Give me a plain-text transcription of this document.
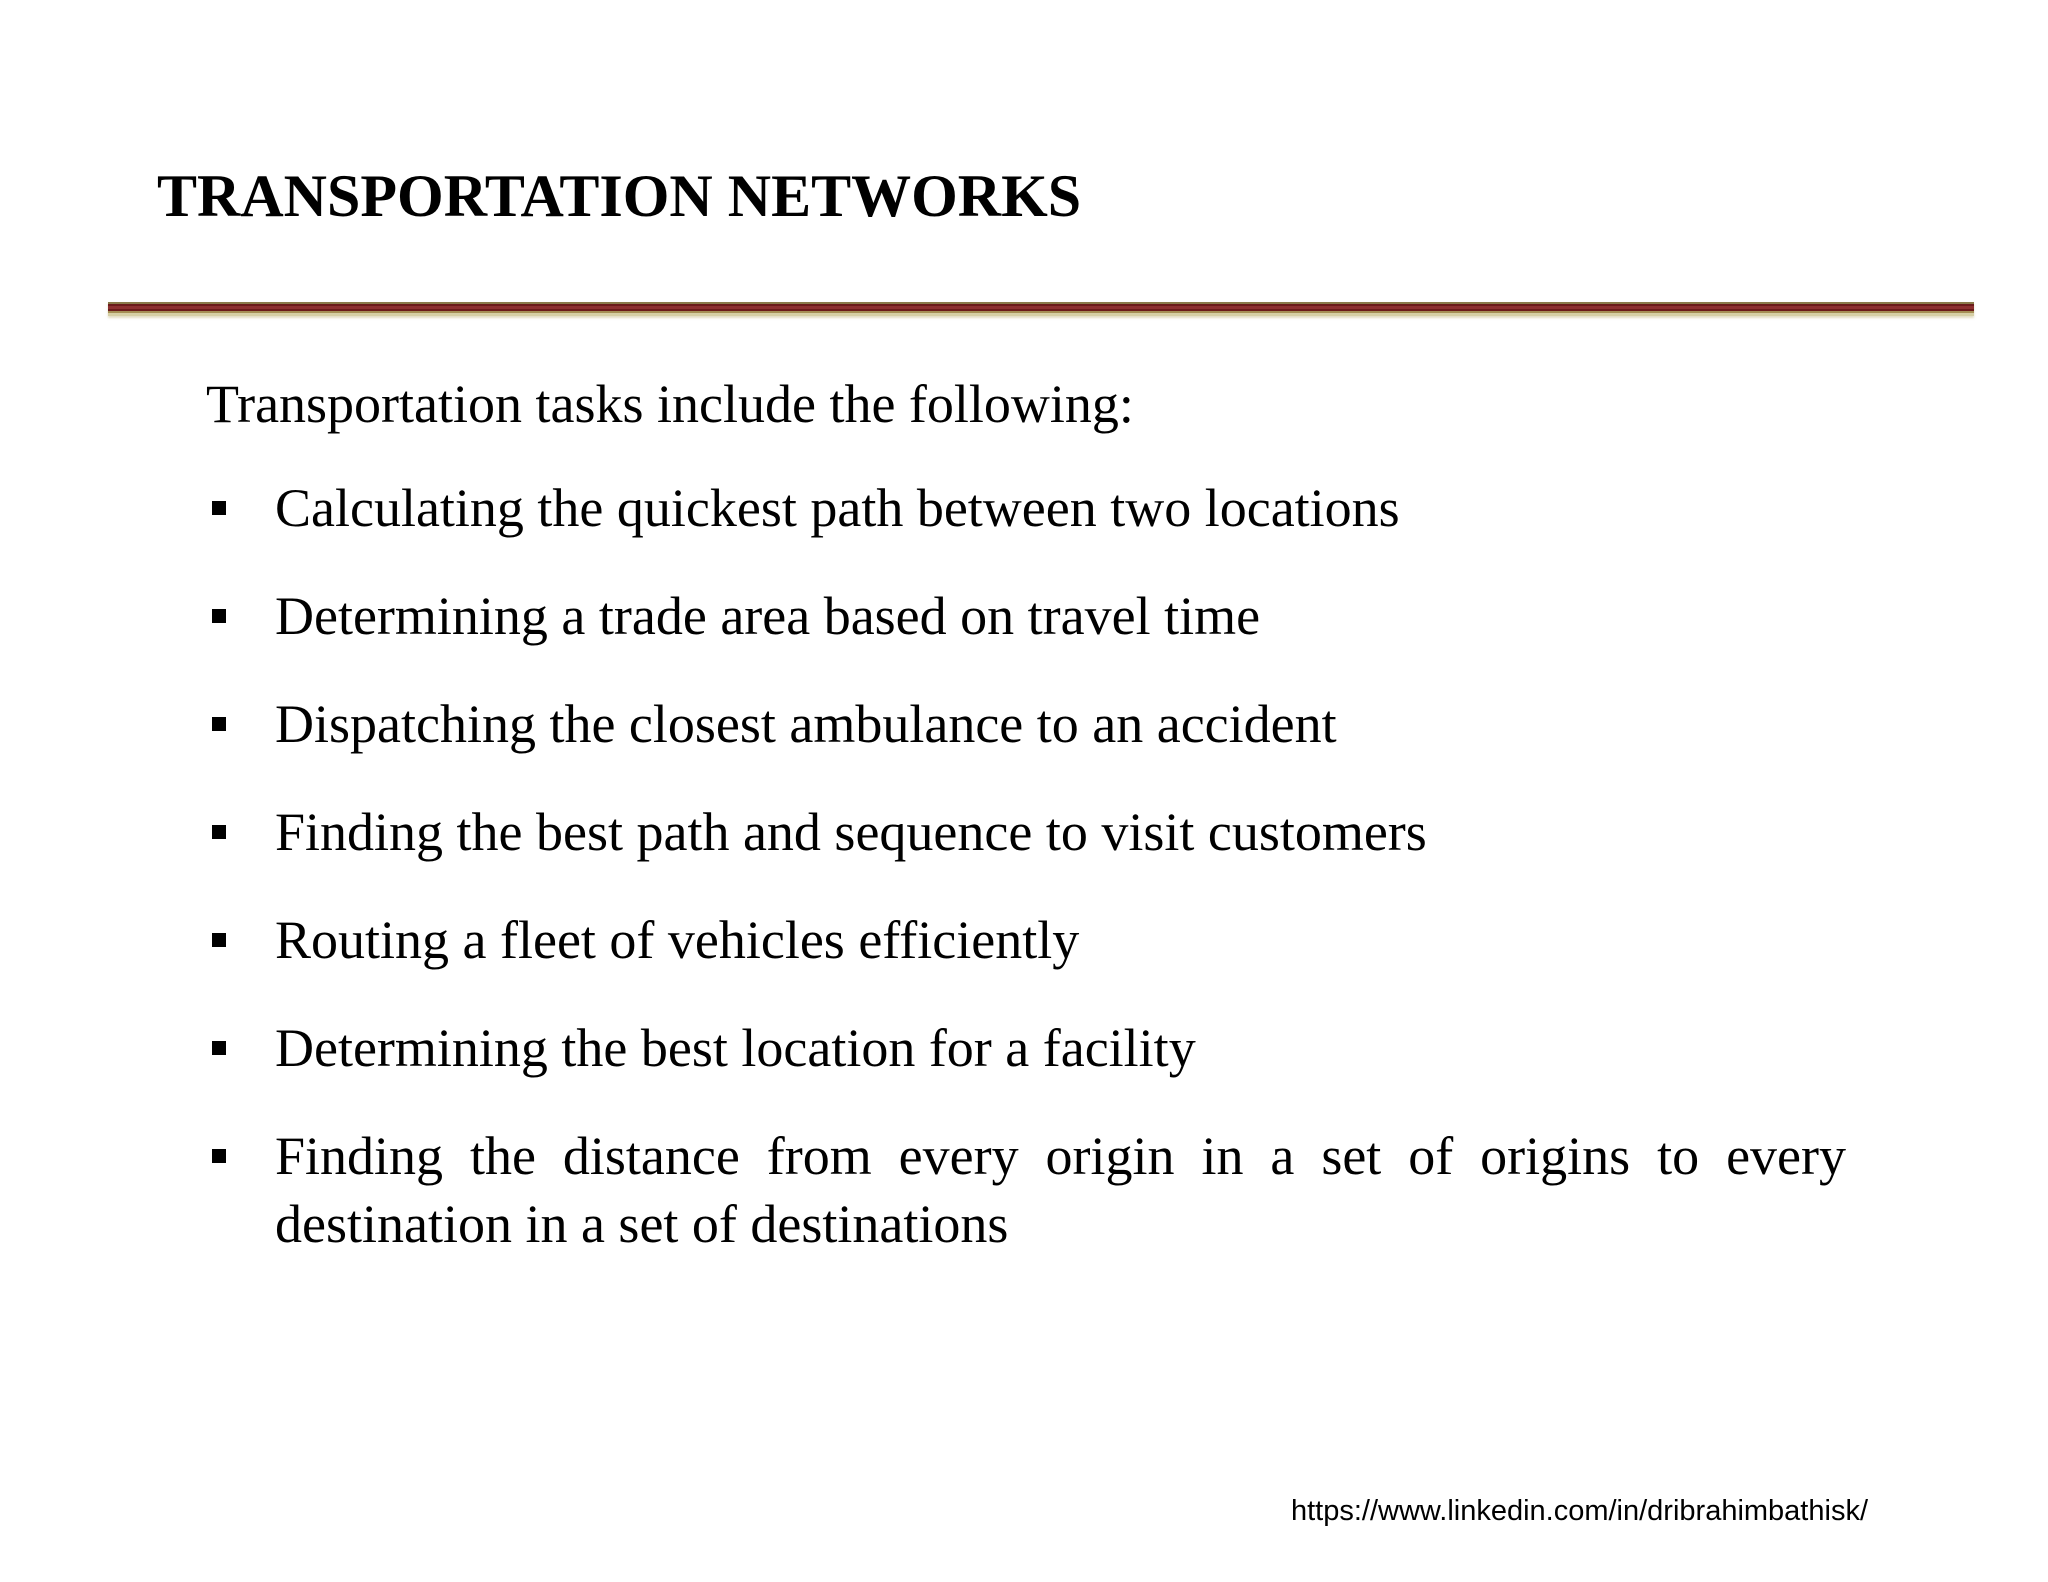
TRANSPORTATION NETWORKS
Transportation tasks include the following:
Calculating the quickest path between two locations
Determining a trade area based on travel time
Dispatching the closest ambulance to an accident
Finding the best path and sequence to visit customers
Routing a fleet of vehicles efficiently
Determining the best location for a facility
Finding the distance from every origin in a set of origins to every destination in a set of destinations
https://www.linkedin.com/in/dribrahimbathisk/
